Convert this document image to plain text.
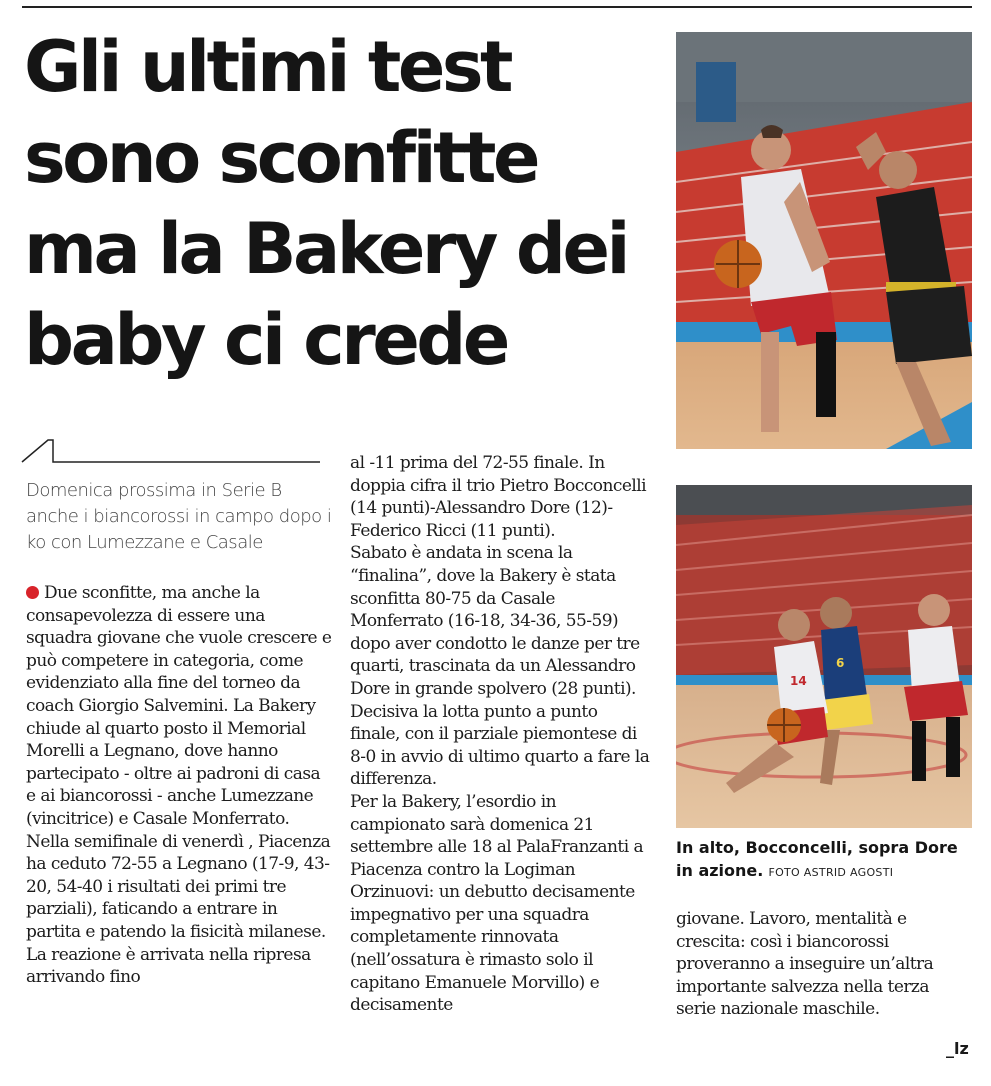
Gli ultimi test sono sconfitte ma la Bakery dei baby ci crede
Domenica prossima in Serie B anche i biancorossi in campo dopo i ko con Lumezzane e Casale

Due sconfitte, ma anche la consapevolezza di essere una squadra giovane che vuole crescere e può competere in categoria, come evidenziato alla fine del torneo da coach Giorgio Salvemini. La Bakery chiude al quarto posto il Memorial Morelli a Legnano, dove hanno partecipato - oltre ai padroni di casa e ai biancorossi - anche Lumezzane (vincitrice) e Casale Monferrato.

Nella semifinale di venerdì , Piacenza ha ceduto 72-55 a Legnano (17-9, 43-20, 54-40 i risultati dei primi tre parziali), faticando a entrare in partita e patendo la fisicità milanese. La reazione è arrivata nella ripresa arrivando fino

al -11 prima del 72-55 finale. In doppia cifra il trio Pietro Bocconcelli (14 punti)-Alessandro Dore (12)-Federico Ricci (11 punti).

Sabato è andata in scena la “finalina”, dove la Bakery è stata sconfitta 80-75 da Casale Monferrato (16-18, 34-36, 55-59) dopo aver condotto le danze per tre quarti, trascinata da un Alessandro Dore in grande spolvero (28 punti). Decisiva la lotta punto a punto finale, con il parziale piemontese di 8-0 in avvio di ultimo quarto a fare la differenza.

Per la Bakery, l’esordio in campionato sarà domenica 21 settembre alle 18 al PalaFranzanti a Piacenza contro la Logiman Orzinuovi: un debutto decisamente impegnativo per una squadra completamente rinnovata (nell’ossatura è rimasto solo il capitano Emanuele Morvillo) e decisamente

6
14
In alto, Bocconcelli, sopra Dore in azione. FOTO ASTRID AGOSTI

giovane. Lavoro, mentalità e crescita: così i biancorossi proveranno a inseguire un’altra importante salvezza nella terza serie nazionale maschile.

_lz
